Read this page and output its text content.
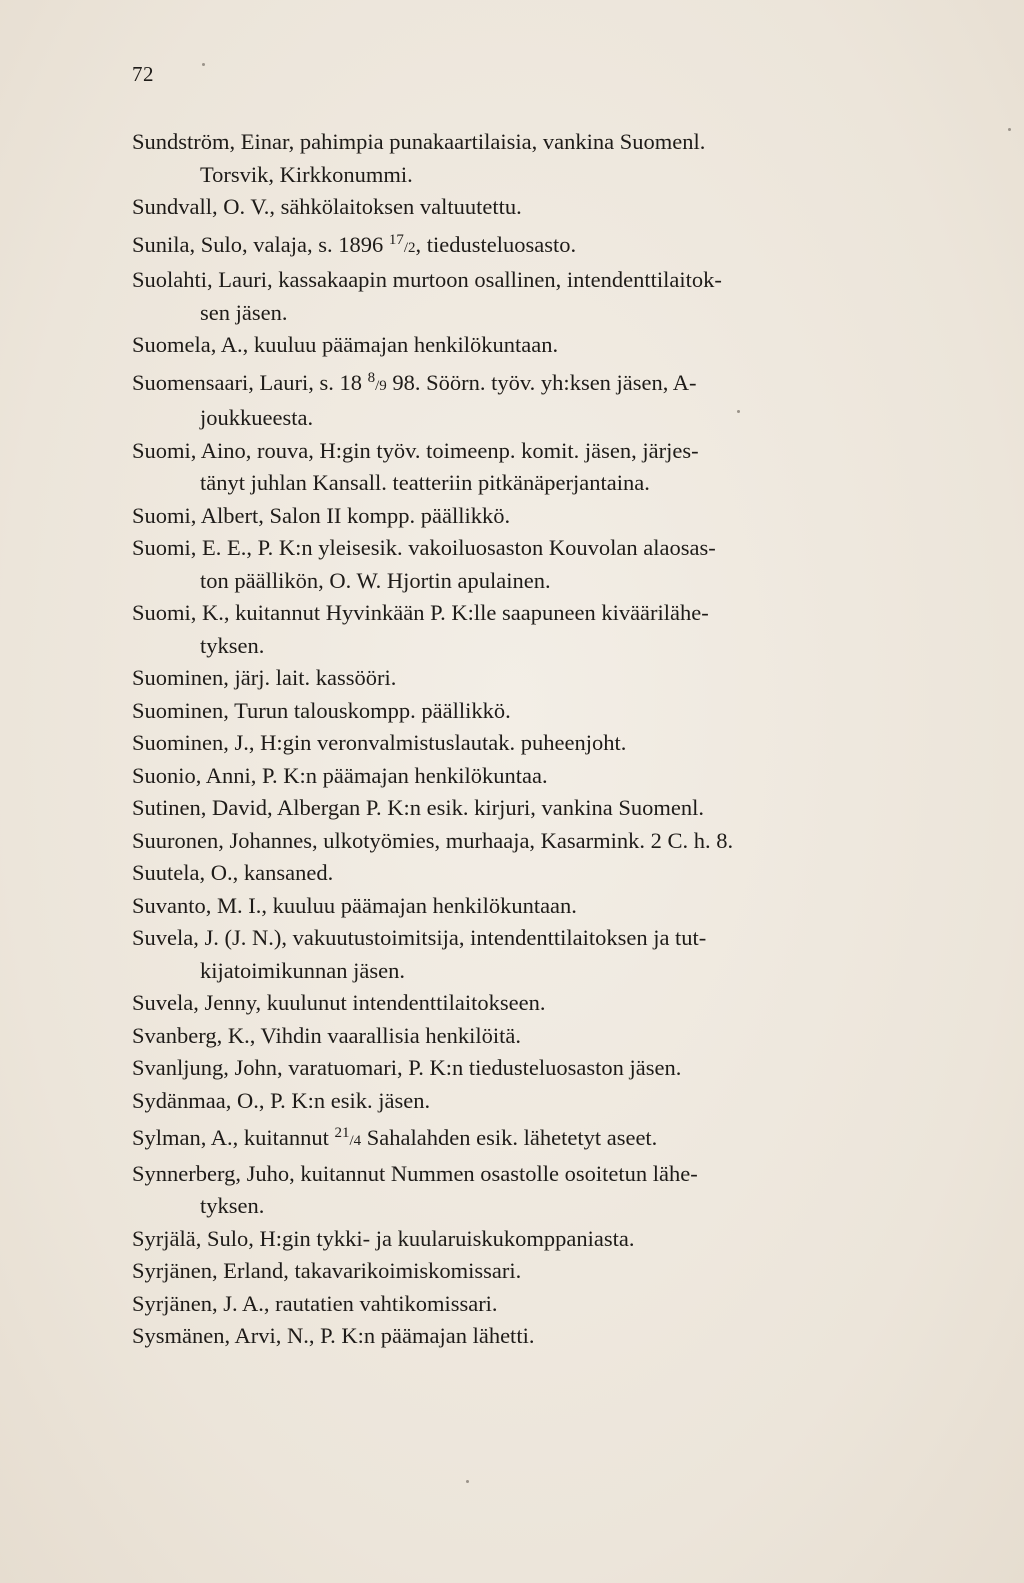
72
Sundström, Einar, pahimpia punakaartilaisia, vankina Suomenl.
Torsvik, Kirkkonummi.
Sundvall, O. V., sähkölaitoksen valtuutettu.
Sunila, Sulo, valaja, s. 1896 17/2, tiedusteluosasto.
Suolahti, Lauri, kassakaapin murtoon osallinen, intendenttilaitok-
sen jäsen.
Suomela, A., kuuluu päämajan henkilökuntaan.
Suomensaari, Lauri, s. 18 8/9 98. Söörn. työv. yh:ksen jäsen, A-
joukkueesta.
Suomi, Aino, rouva, H:gin työv. toimeenp. komit. jäsen, järjes-
tänyt juhlan Kansall. teatteriin pitkänäperjantaina.
Suomi, Albert, Salon II kompp. päällikkö.
Suomi, E. E., P. K:n yleisesik. vakoiluosaston Kouvolan alaosas-
ton päällikön, O. W. Hjortin apulainen.
Suomi, K., kuitannut Hyvinkään P. K:lle saapuneen kiväärilähe-
tyksen.
Suominen, järj. lait. kassööri.
Suominen, Turun talouskompp. päällikkö.
Suominen, J., H:gin veronvalmistuslautak. puheenjoht.
Suonio, Anni, P. K:n päämajan henkilökuntaa.
Sutinen, David, Albergan P. K:n esik. kirjuri, vankina Suomenl.
Suuronen, Johannes, ulkotyömies, murhaaja, Kasarmink. 2 C. h. 8.
Suutela, O., kansaned.
Suvanto, M. I., kuuluu päämajan henkilökuntaan.
Suvela, J. (J. N.), vakuutustoimitsija, intendenttilaitoksen ja tut-
kijatoimikunnan jäsen.
Suvela, Jenny, kuulunut intendenttilaitokseen.
Svanberg, K., Vihdin vaarallisia henkilöitä.
Svanljung, John, varatuomari, P. K:n tiedusteluosaston jäsen.
Sydänmaa, O., P. K:n esik. jäsen.
Sylman, A., kuitannut 21/4 Sahalahden esik. lähetetyt aseet.
Synnerberg, Juho, kuitannut Nummen osastolle osoitetun lähe-
tyksen.
Syrjälä, Sulo, H:gin tykki- ja kuularuiskukomppaniasta.
Syrjänen, Erland, takavarikoimiskomissari.
Syrjänen, J. A., rautatien vahtikomissari.
Sysmänen, Arvi, N., P. K:n päämajan lähetti.
